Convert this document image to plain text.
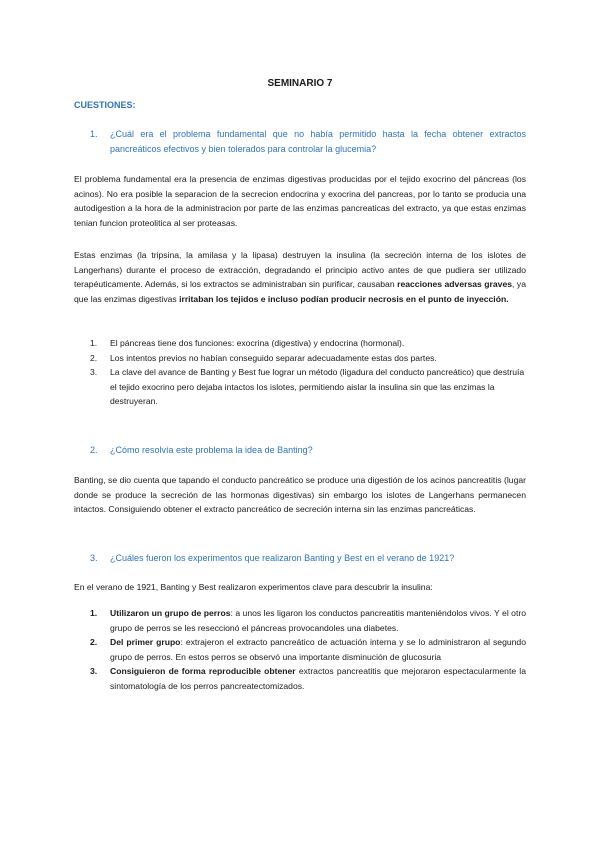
SEMINARIO 7
CUESTIONES:
1.	¿Cuál era el problema fundamental que no había permitido hasta la fecha obtener extractos pancreáticos efectivos y bien tolerados para controlar la glucemia?
El problema fundamental era la presencia de enzimas digestivas producidas por el tejido exocrino del páncreas (los acinos). No era posible la separacion de la secrecion endocrina y exocrina del pancreas, por lo tanto se producia una autodigestion a la hora de la administracion por parte de las enzimas pancreaticas del extracto, ya que estas enzimas tenian funcion proteolitica al ser proteasas.
Estas enzimas (la tripsina, la amilasa y la lipasa) destruyen la insulina (la secreción interna de los islotes de Langerhans) durante el proceso de extracción, degradando el principio activo antes de que pudiera ser utilizado terapéuticamente. Además, si los extractos se administraban sin purificar, causaban reacciones adversas graves, ya que las enzimas digestivas irritaban los tejidos e incluso podían producir necrosis en el punto de inyección.
1. El páncreas tiene dos funciones: exocrina (digestiva) y endocrina (hormonal).
2. Los intentos previos no habían conseguido separar adecuadamente estas dos partes.
3. La clave del avance de Banting y Best fue lograr un método (ligadura del conducto pancreático) que destruía el tejido exocrino pero dejaba intactos los islotes, permitiendo aislar la insulina sin que las enzimas la destruyeran.
2.	¿Cómo resolvía este problema la idea de Banting?
Banting, se dio cuenta que tapando el conducto pancreático se produce una digestión de los acinos pancreatitis (lugar donde se produce la secreción de las hormonas digestivas) sin embargo los islotes de Langerhans permanecen intactos. Consiguiendo obtener el extracto pancreático de secreción interna sin las enzimas pancreáticas.
3.	¿Cuáles fueron los experimentos que realizaron Banting y Best en el verano de 1921?
En el verano de 1921, Banting y Best realizaron experimentos clave para descubrir la insulina:
1. Utilizaron un grupo de perros: a unos les ligaron los conductos pancreatitis manteniéndolos vivos. Y el otro grupo de perros se les reseccionó el páncreas provocandoles una diabetes.
2. Del primer grupo: extrajeron el extracto pancreático de actuación interna y se lo administraron al segundo grupo de perros. En estos perros se observó una importante disminución de glucosuria
3. Consiguieron de forma reproducible obtener extractos pancreatitis que mejoraron espectacularmente la sintomatología de los perros pancreatectomizados.
